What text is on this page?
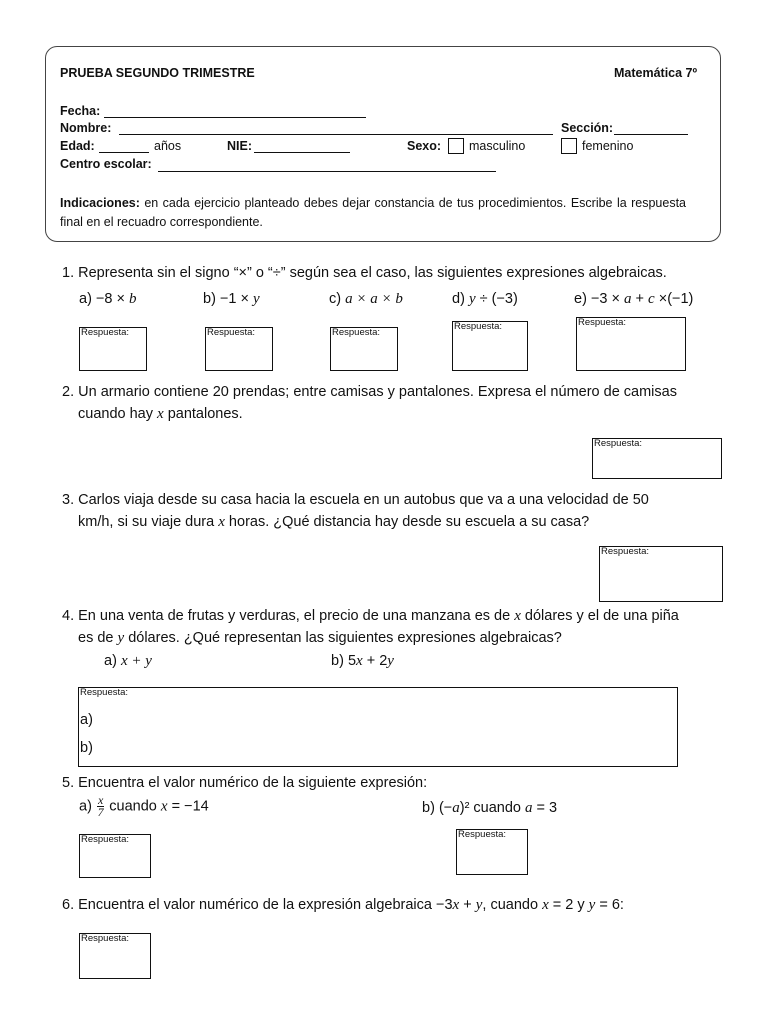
PRUEBA SEGUNDO TRIMESTRE	Matemática 7º
Fecha:
Nombre:	Sección:
Edad:	años	NIE:	Sexo: masculino	femenino
Centro escolar:
Indicaciones: en cada ejercicio planteado debes dejar constancia de tus procedimientos. Escribe la respuesta final en el recuadro correspondiente.
1. Representa sin el signo “×” o “÷” según sea el caso, las siguientes expresiones algebraicas.
a) −8 × b	b) −1 × y	c) a × a × b	d) y ÷ (−3)	e) −3 × a + c ×(−1)
Respuesta:	Respuesta:	Respuesta:
Respuesta:	Respuesta:
2. Un armario contiene 20 prendas; entre camisas y pantalones. Expresa el número de camisas
cuando hay x pantalones.
Respuesta:
3. Carlos viaja desde su casa hacia la escuela en un autobus que va a una velocidad de 50
km/h, si su viaje dura x horas. ¿Qué distancia hay desde su escuela a su casa?
Respuesta:
4. En una venta de frutas y verduras, el precio de una manzana es de x dólares y el de una piña
es de y dólares. ¿Qué representan las siguientes expresiones algebraicas?
a) x + y	b) 5x + 2y
Respuesta:
a)
b)
5. Encuentra el valor numérico de la siguiente expresión:
$a) \frac{x}{7}$ cuando x = −14	b) (−a)² cuando a = 3
Respuesta:	Respuesta:
6. Encuentra el valor numérico de la expresión algebraica −3x + y, cuando x = 2 y y = 6:
Respuesta:
